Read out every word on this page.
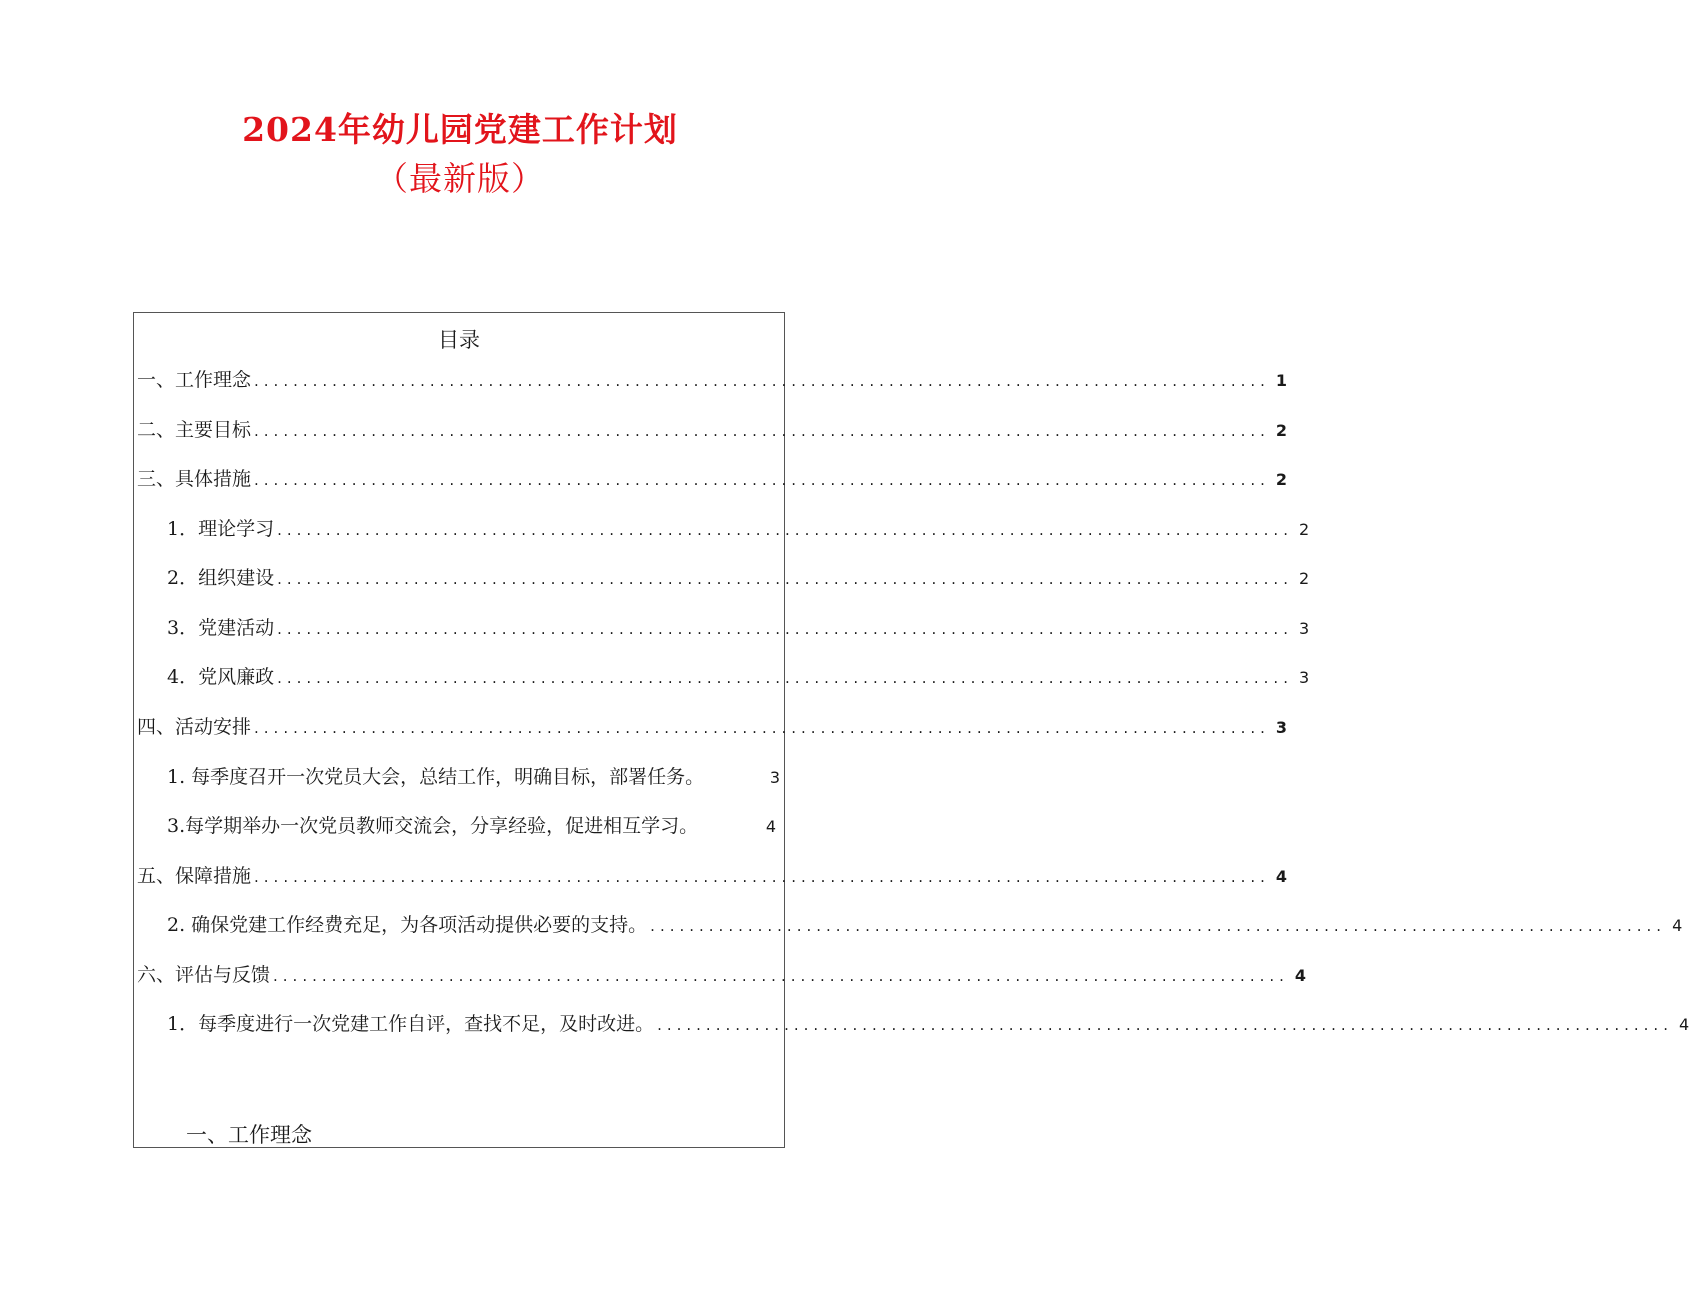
2024年幼儿园党建工作计划
（最新版）
目录
一、工作理念 ........................................................................................................ 1
二、主要目标 ........................................................................................................ 2
三、具体措施 ........................................................................................................ 2
1．理论学习 ........................................................................................................ 2
2．组织建设 ........................................................................................................ 2
3．党建活动 ........................................................................................................ 3
4．党风廉政 ........................................................................................................ 3
四、活动安排 ........................................................................................................ 3
1. 每季度召开一次党员大会，总结工作，明确目标，部署任务。	3
3.每学期举办一次党员教师交流会，分享经验，促进相互学习。	4
五、保障措施 ........................................................................................................ 4
2. 确保党建工作经费充足，为各项活动提供必要的支持。 ........................................................................................................ 4
六、评估与反馈 ........................................................................................................ 4
1．每季度进行一次党建工作自评，查找不足，及时改进。 ........................................................................................................ 4
一、工作理念
